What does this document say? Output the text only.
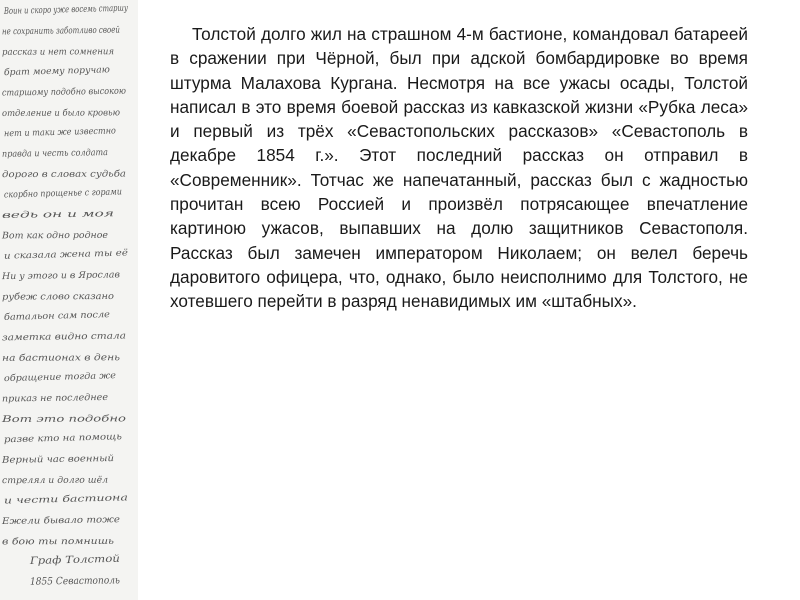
Воин и скоро уже восемь старшу
не сохранить заботливо своей
рассказ и нет сомнения
брат моему поручаю
старшому подобно высокою
отделение и было кровью
нет и таки же известно
правда и честь солдата
дорого в словах судьба
скорбно прощенье с горами
ведь он и моя
Вот как одно родное
и сказала жена ты её
Ни у этого и в Ярослав
рубеж слово сказано
батальон сам после
заметка видно стала
на бастионах в день
обращение тогда же
приказ не последнее
Вот это подобно
разве кто на помощь
Верный час военный
стрелял и долго шёл
и чести бастиона
Ежели бывало тоже
в бою ты помнишь
Граф Толстой
1855 Севастополь

Толстой долго жил на страшном 4-м бастионе, командовал батареей в сражении при Чёрной, был при адской бомбардировке во время штурма Малахова Кургана. Несмотря на все ужасы осады, Толстой написал в это время боевой рассказ из кавказской жизни «Рубка леса» и первый из трёх «Севастопольских рассказов» «Севастополь в декабре 1854 г.». Этот последний рассказ он отправил в «Современник». Тотчас же напечатанный, рассказ был с жадностью прочитан всею Россией и произвёл потрясающее впечатление картиною ужасов, выпавших на долю защитников Севастополя. Рассказ был замечен императором Николаем; он велел беречь даровитого офицера, что, однако, было неисполнимо для Толстого, не хотевшего перейти в разряд ненавидимых им «штабных».
